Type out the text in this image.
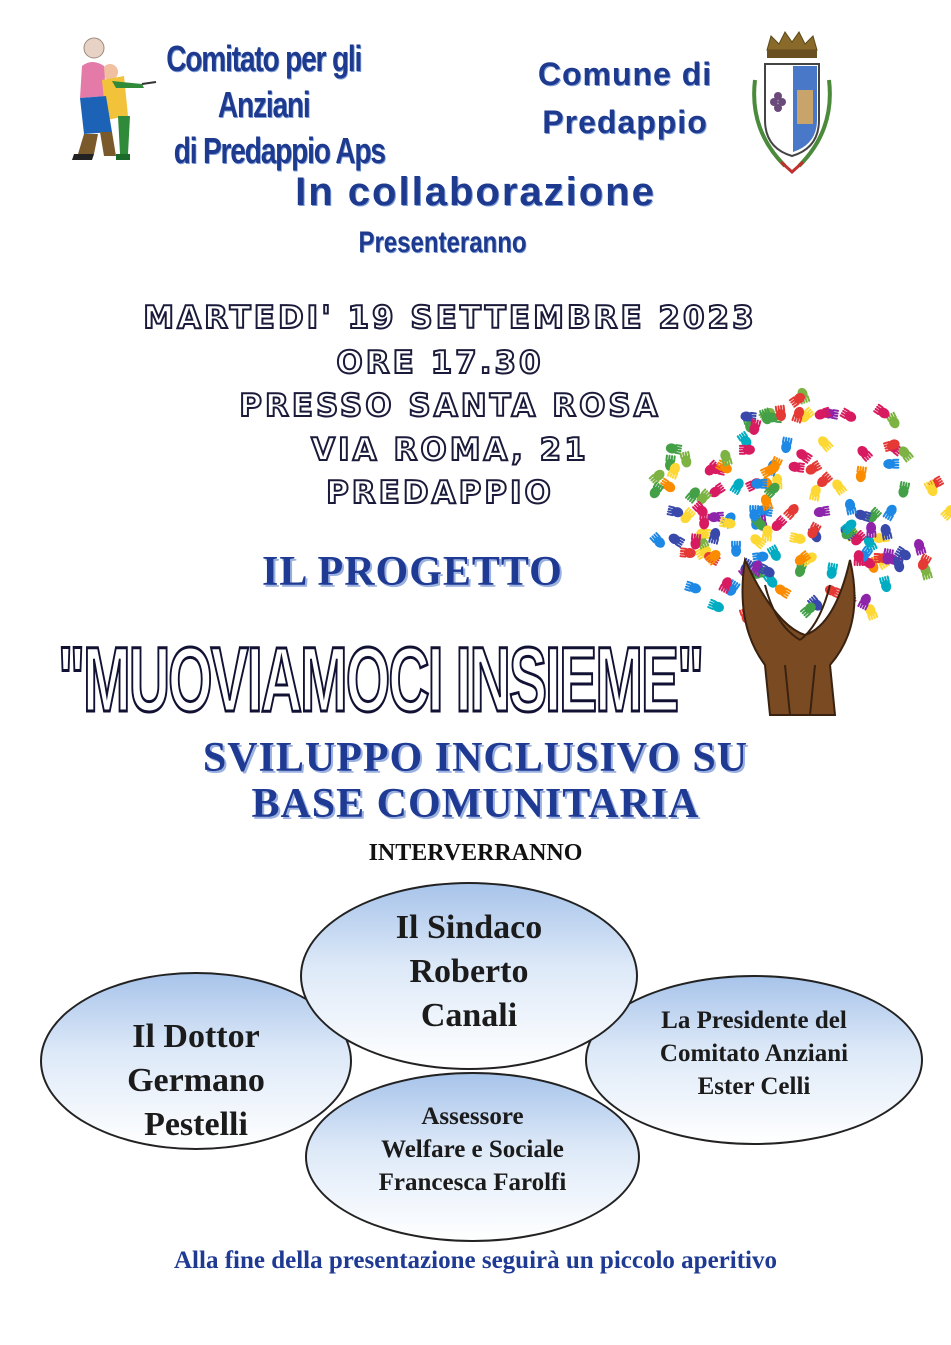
Comitato per gli Anziani
di Predappio Aps
Comune di
Predappio
In collaborazione
Presenteranno
MARTEDI' 19 SETTEMBRE 2023
ORE 17.30
PRESSO SANTA ROSA
VIA ROMA, 21
PREDAPPIO
IL PROGETTO
"MUOVIAMOCI INSIEME"
SVILUPPO INCLUSIVO SU
BASE COMUNITARIA
INTERVERRANNO
Il Dottor
Germano
Pestelli
La Presidente del
Comitato Anziani
Ester Celli
Il Sindaco
Roberto
Canali
Assessore
Welfare e Sociale
Francesca Farolfi
Alla fine della presentazione seguirà un piccolo aperitivo
